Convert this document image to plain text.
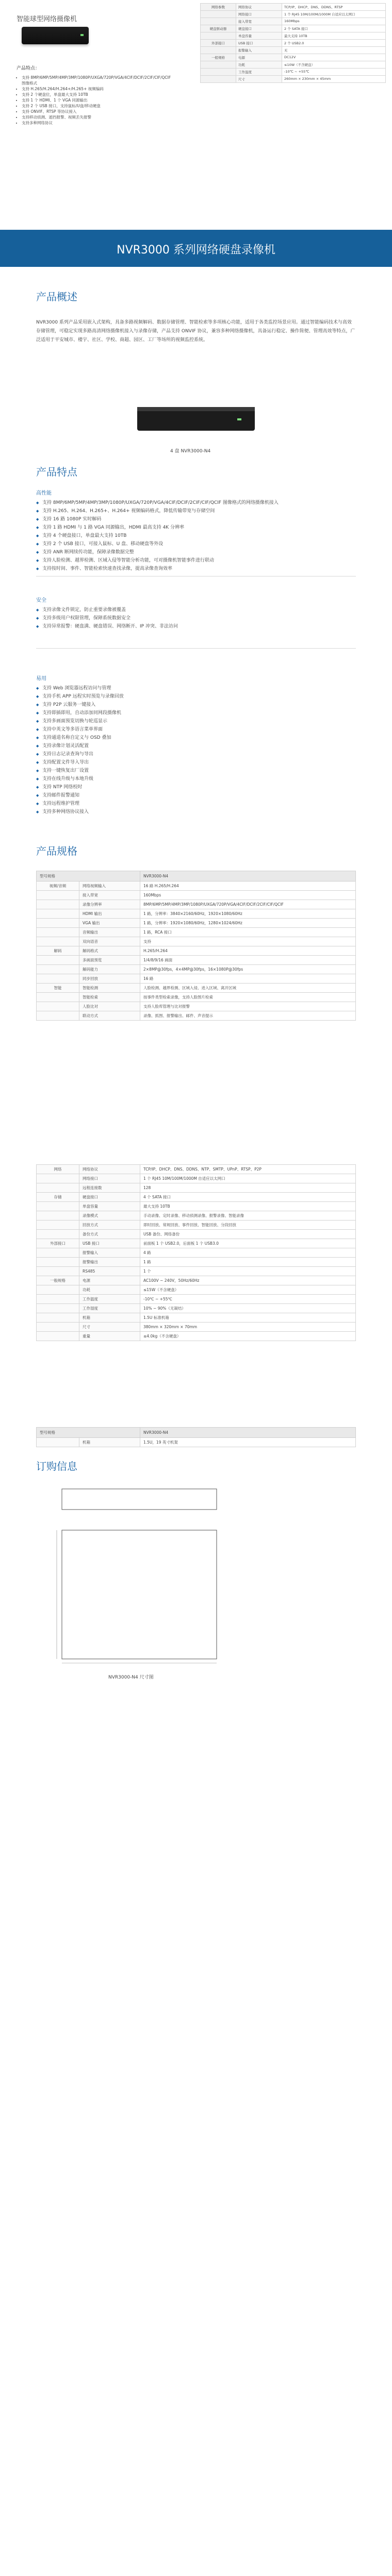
智能球型网络摄像机
产品特点：
• 支持 8MP/6MP/5MP/4MP/3MP/1080P/UXGA/720P/VGA/4CIF/DCIF/2CIF/CIF/QCIF 图像格式
• 支持 H.265/H.264/H.264+/H.265+ 视频编码
• 支持 2 个硬盘位，单盘最大支持 10TB
• 支持 1 个 HDMI、1 个 VGA 同源输出
• 支持 2 个 USB 接口，支持鼠标/U盘/移动硬盘
• 支持 ONVIF、RTSP 等协议接入
• 支持移动侦测、遮挡报警、视频丢失报警
• 支持多种网络协议
网络参数	网络协议	TCP/IP、DHCP、DNS、DDNS、RTSP
	网络接口	1 个 RJ45 10M/100M/1000M 自适应以太网口
	接入带宽	160Mbps
硬盘驱动器	硬盘接口	2 个 SATA 接口
	单盘容量	最大支持 10TB
外部接口	USB 接口	2 个 USB2.0
	报警输入	无
一般规格	电源	DC12V
	功耗	≤10W（不含硬盘）
	工作温度	-10℃ ~ +55℃
	尺寸	260mm × 230mm × 45mm
NVR3000 系列网络硬盘录像机
产品概述
NVR3000 系列产品采用嵌入式架构，具备多路视频解码、数据存储管理、智能检索等多项核心功能，适用于各类监控场景应用。通过智能编码技术与高效存储管理，可稳定实现多路高清网络摄像机接入与录像存储，产品支持 ONVIF 协议，兼容多种网络摄像机，具备运行稳定、操作简便、管理高效等特点，广泛适用于平安城市、楼宇、社区、学校、商超、园区、工厂等场所的视频监控系统。
4 盘 NVR3000-N4
产品特点
高性能
◆ 支持 8MP/6MP/5MP/4MP/3MP/1080P/UXGA/720P/VGA/4CIF/DCIF/2CIF/CIF/QCIF 图像格式的网络摄像机接入
◆ 支持 H.265、H.264、H.265+、H.264+ 视频编码格式，降低传输带宽与存储空间
◆ 支持 16 路 1080P 实时解码
◆ 支持 1 路 HDMI 与 1 路 VGA 同源输出，HDMI 最高支持 4K 分辨率
◆ 支持 4 个硬盘接口，单盘最大支持 10TB
◆ 支持 2 个 USB 接口，可接入鼠标、U 盘、移动硬盘等外设
◆ 支持 ANR 断网续传功能，保障录像数据完整
◆ 支持人脸检测、越界检测、区域入侵等智能分析功能，可对摄像机智能事件进行联动
◆ 支持按时间、事件、智能检索快速查找录像，提高录像查询效率
安全
◆ 支持录像文件锁定，防止重要录像被覆盖
◆ 支持多级用户权限管理，保障系统数据安全
◆ 支持异常报警：硬盘满、硬盘错误、网络断开、IP 冲突、非法访问
易用
◆ 支持 Web 浏览器远程访问与管理
◆ 支持手机 APP 远程实时预览与录像回放
◆ 支持 P2P 云服务一键接入
◆ 支持即插即用，自动添加同网段摄像机
◆ 支持多画面预览切换与轮巡显示
◆ 支持中英文等多语言菜单界面
◆ 支持通道名称自定义与 OSD 叠加
◆ 支持录像计划灵活配置
◆ 支持日志记录查询与导出
◆ 支持配置文件导入导出
◆ 支持一键恢复出厂设置
◆ 支持在线升级与本地升级
◆ 支持 NTP 网络校时
◆ 支持邮件报警通知
◆ 支持远程维护管理
◆ 支持多种网络协议接入
产品规格
型号规格		NVR3000-N4
视频/音频	网络视频输入	16 路 H.265/H.264
	接入带宽	160Mbps
	录像分辨率	8MP/6MP/5MP/4MP/3MP/1080P/UXGA/720P/VGA/4CIF/DCIF/2CIF/CIF/QCIF
	HDMI 输出	1 路，分辨率：3840×2160/60Hz，1920×1080/60Hz
	VGA 输出	1 路，分辨率：1920×1080/60Hz，1280×1024/60Hz
	音频输出	1 路，RCA 接口
	双向语音	支持
解码	解码格式	H.265/H.264
	多画面预览	1/4/8/9/16 画面
	解码能力	2×8MP@30fps，4×4MP@30fps，16×1080P@30fps
	同步回放	16 路
智能	智能检测	人脸检测、越界检测、区域入侵、进入区域、离开区域
	智能检索	按事件类型检索录像，支持人脸图片检索
	人脸比对	支持人脸库管理与比对报警
	联动方式	录像、抓图、报警输出、邮件、声音提示
网络	网络协议	TCP/IP、DHCP、DNS、DDNS、NTP、SMTP、UPnP、RTSP、P2P
	网络接口	1 个 RJ45 10M/100M/1000M 自适应以太网口
	远程连接数	128
存储	硬盘接口	4 个 SATA 接口
	单盘容量	最大支持 10TB
	录像模式	手动录像、定时录像、移动侦测录像、报警录像、智能录像
	回放方式	即时回放、常规回放、事件回放、智能回放、分段回放
	备份方式	USB 备份、网络备份
外部接口	USB 接口	前面板 1 个 USB2.0，后面板 1 个 USB3.0
	报警输入	4 路
	报警输出	1 路
	RS485	1 个
一般规格	电源	AC100V ~ 240V，50Hz/60Hz
	功耗	≤15W（不含硬盘）
	工作温度	-10℃ ~ +55℃
	工作湿度	10% ~ 90%（无凝结）
	机箱	1.5U 标准机箱
	尺寸	380mm × 320mm × 70mm
	重量	≤4.0kg（不含硬盘）
型号规格		NVR3000-N4
	机箱	1.5U，19 英寸机架
订购信息
NVR3000-N4 尺寸图
